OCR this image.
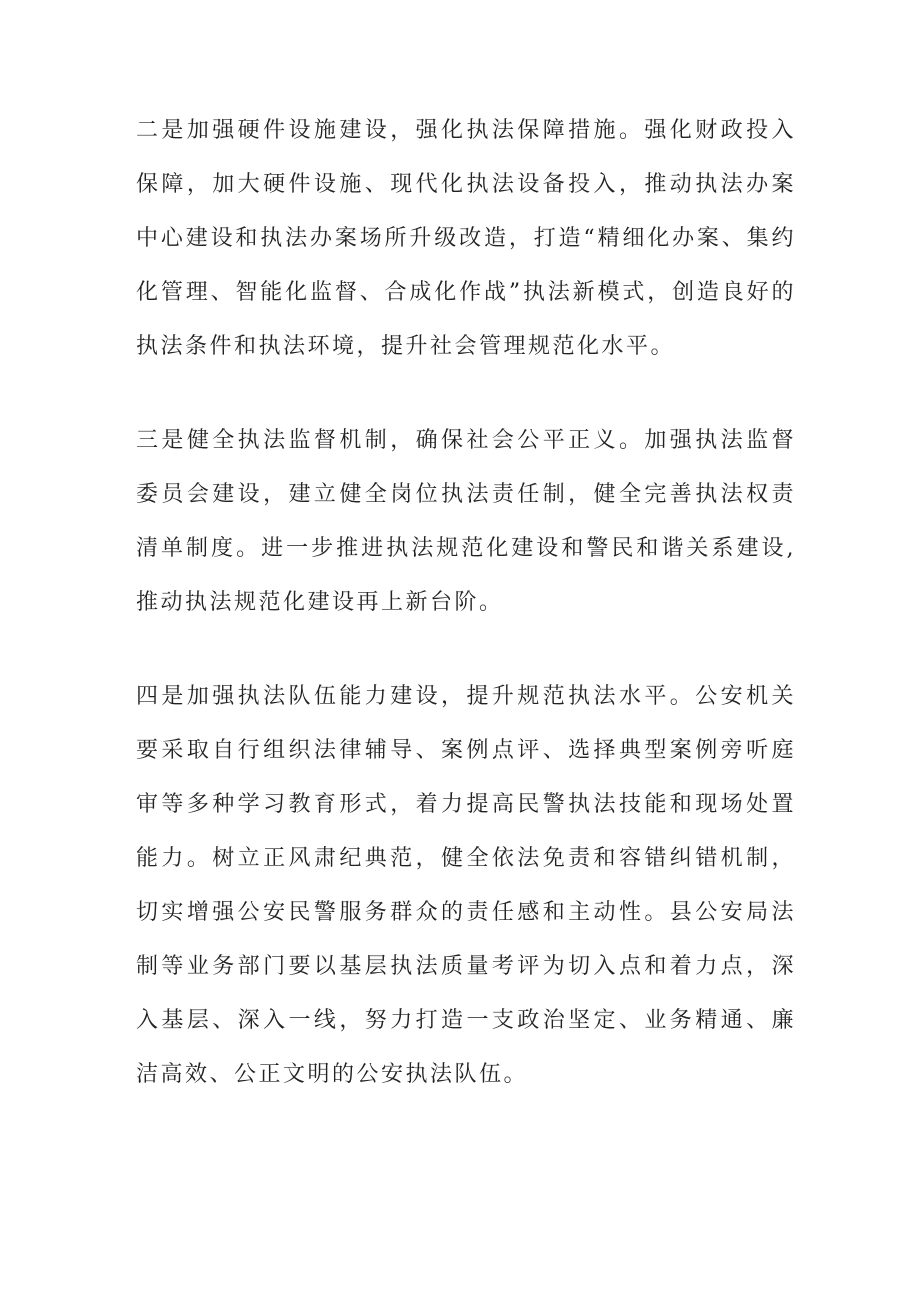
二是加强硬件设施建设，强化执法保障措施。强化财政投入保障，加大硬件设施、现代化执法设备投入，推动执法办案中心建设和执法办案场所升级改造，打造“精细化办案、集约化管理、智能化监督、合成化作战”执法新模式，创造良好的执法条件和执法环境，提升社会管理规范化水平。

三是健全执法监督机制，确保社会公平正义。加强执法监督委员会建设，建立健全岗位执法责任制，健全完善执法权责清单制度。进一步推进执法规范化建设和警民和谐关系建设,推动执法规范化建设再上新台阶。

四是加强执法队伍能力建设，提升规范执法水平。公安机关要采取自行组织法律辅导、案例点评、选择典型案例旁听庭审等多种学习教育形式，着力提高民警执法技能和现场处置能力。树立正风肃纪典范，健全依法免责和容错纠错机制，切实增强公安民警服务群众的责任感和主动性。县公安局法制等业务部门要以基层执法质量考评为切入点和着力点，深入基层、深入一线，努力打造一支政治坚定、业务精通、廉洁高效、公正文明的公安执法队伍。
